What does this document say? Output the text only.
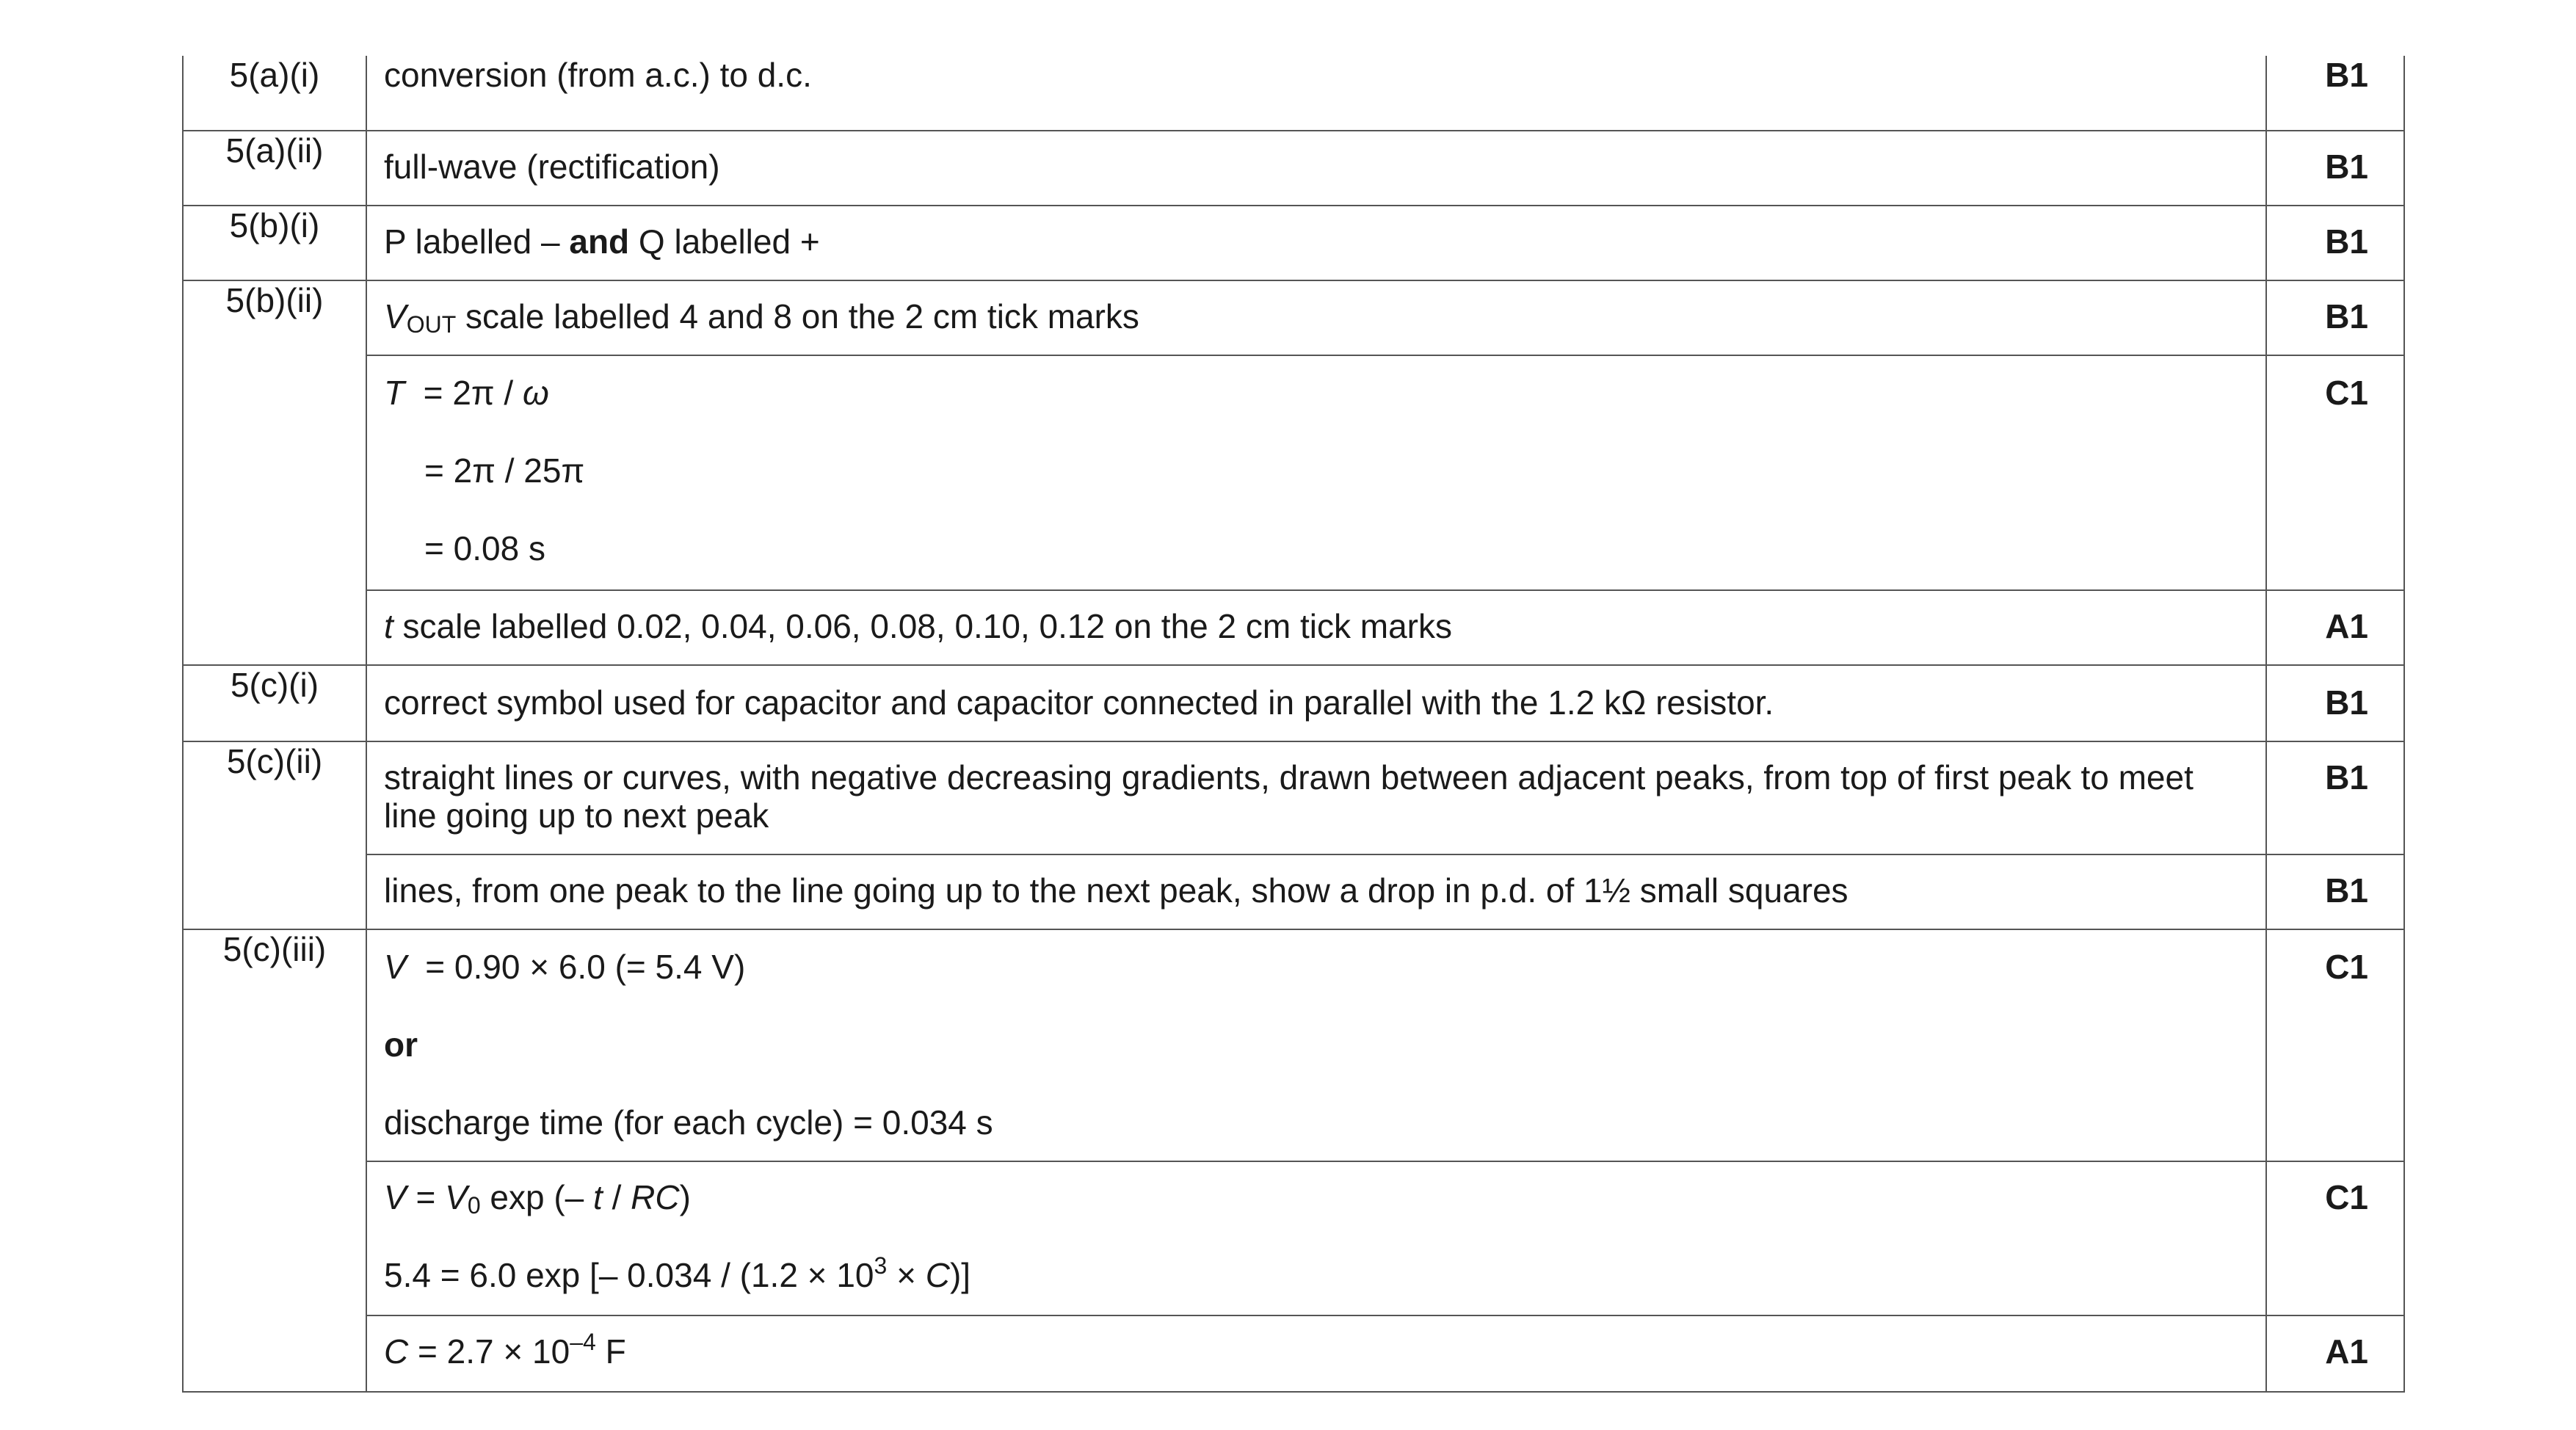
5(a)(i)	conversion (from a.c.) to d.c.	B1
5(a)(ii)	full-wave (rectification)	B1
5(b)(i)	P labelled – and Q labelled +	B1
5(b)(ii)	$V_{OUT}$ scale labelled 4 and 8 on the 2 cm tick marks	B1

	T  = 2π / ω
= 2π / 25π
= 0.08 s	C1
	t scale labelled 0.02, 0.04, 0.06, 0.08, 0.10, 0.12 on the 2 cm tick marks	A1
5(c)(i)	correct symbol used for capacitor and capacitor connected in parallel with the 1.2 kΩ resistor.	B1
5(c)(ii)	straight lines or curves, with negative decreasing gradients, drawn between adjacent peaks, from top of first peak to meet line going up to next peak	B1
	lines, from one peak to the line going up to the next peak, show a drop in p.d. of 1½ small squares	B1
5(c)(iii)	V  = 0.90 × 6.0 (= 5.4 V)
or
discharge time (for each cycle) = 0.034 s	C1

	$V = V_0$ exp (– t / RC)
5.4 = 6.0 exp [– $0.034 / (1.2 \times 10^3 \times C)$]	C1
	$C = 2.7 \times 10^{-4}$ F	A1
